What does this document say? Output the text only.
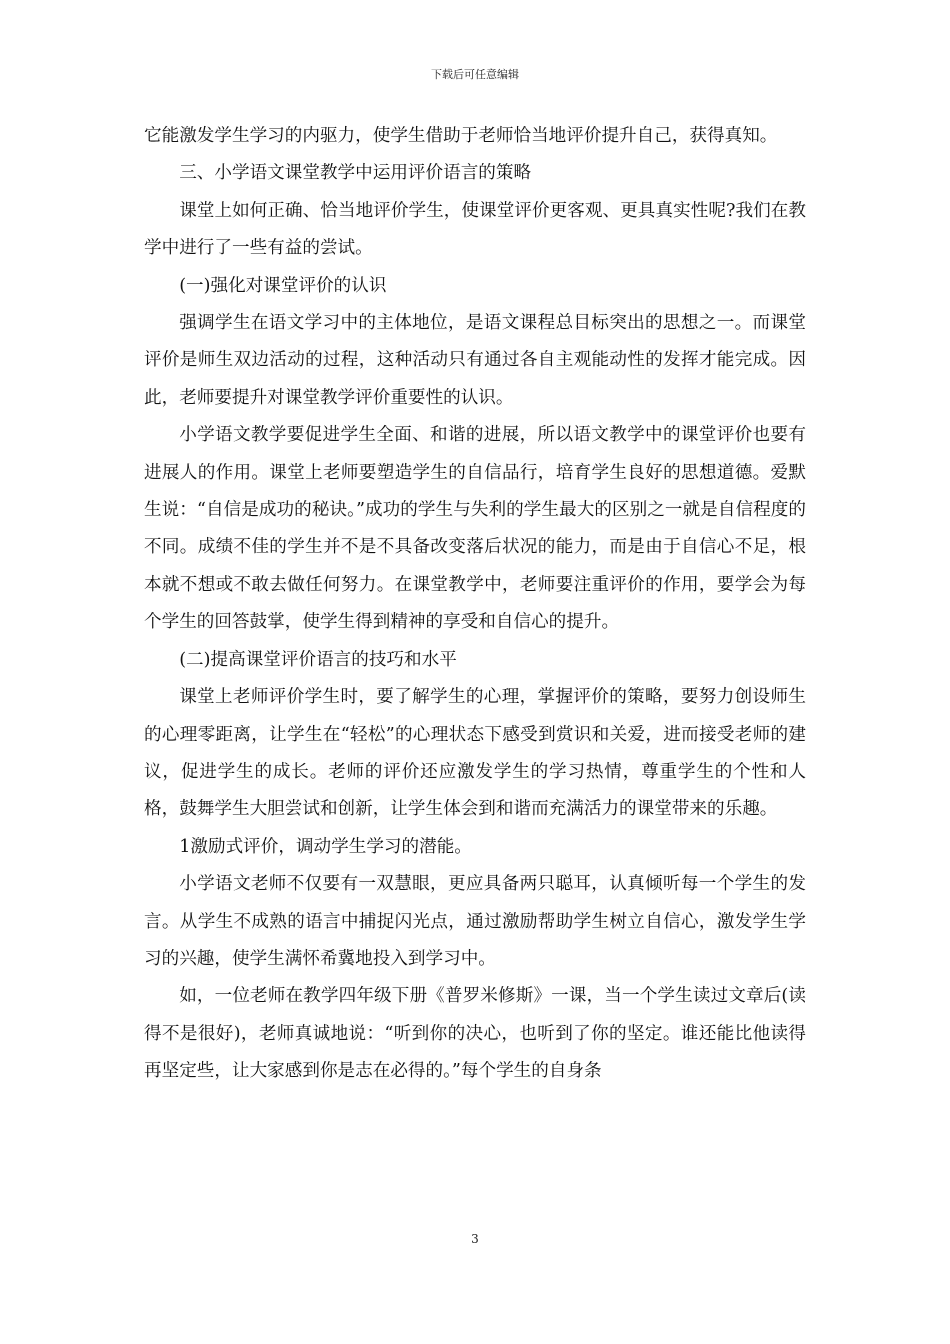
下载后可任意编辑

它能激发学生学习的内驱力，使学生借助于老师恰当地评价提升自己，获得真知。

三、小学语文课堂教学中运用评价语言的策略

课堂上如何正确、恰当地评价学生，使课堂评价更客观、更具真实性呢?我们在教学中进行了一些有益的尝试。

(一)强化对课堂评价的认识

强调学生在语文学习中的主体地位，是语文课程总目标突出的思想之一。而课堂评价是师生双边活动的过程，这种活动只有通过各自主观能动性的发挥才能完成。因此，老师要提升对课堂教学评价重要性的认识。

小学语文教学要促进学生全面、和谐的进展，所以语文教学中的课堂评价也要有进展人的作用。课堂上老师要塑造学生的自信品行，培育学生良好的思想道德。爱默生说：“自信是成功的秘诀。”成功的学生与失利的学生最大的区别之一就是自信程度的不同。成绩不佳的学生并不是不具备改变落后状况的能力，而是由于自信心不足，根本就不想或不敢去做任何努力。在课堂教学中，老师要注重评价的作用，要学会为每个学生的回答鼓掌，使学生得到精神的享受和自信心的提升。

(二)提高课堂评价语言的技巧和水平

课堂上老师评价学生时，要了解学生的心理，掌握评价的策略，要努力创设师生的心理零距离，让学生在“轻松”的心理状态下感受到赏识和关爱，进而接受老师的建议，促进学生的成长。老师的评价还应激发学生的学习热情，尊重学生的个性和人格，鼓舞学生大胆尝试和创新，让学生体会到和谐而充满活力的课堂带来的乐趣。

1激励式评价，调动学生学习的潜能。

小学语文老师不仅要有一双慧眼，更应具备两只聪耳，认真倾听每一个学生的发言。从学生不成熟的语言中捕捉闪光点，通过激励帮助学生树立自信心，激发学生学习的兴趣，使学生满怀希冀地投入到学习中。

如，一位老师在教学四年级下册《普罗米修斯》一课，当一个学生读过文章后(读得不是很好)，老师真诚地说：“听到你的决心，也听到了你的坚定。谁还能比他读得再坚定些，让大家感到你是志在必得的。”每个学生的自身条

3
